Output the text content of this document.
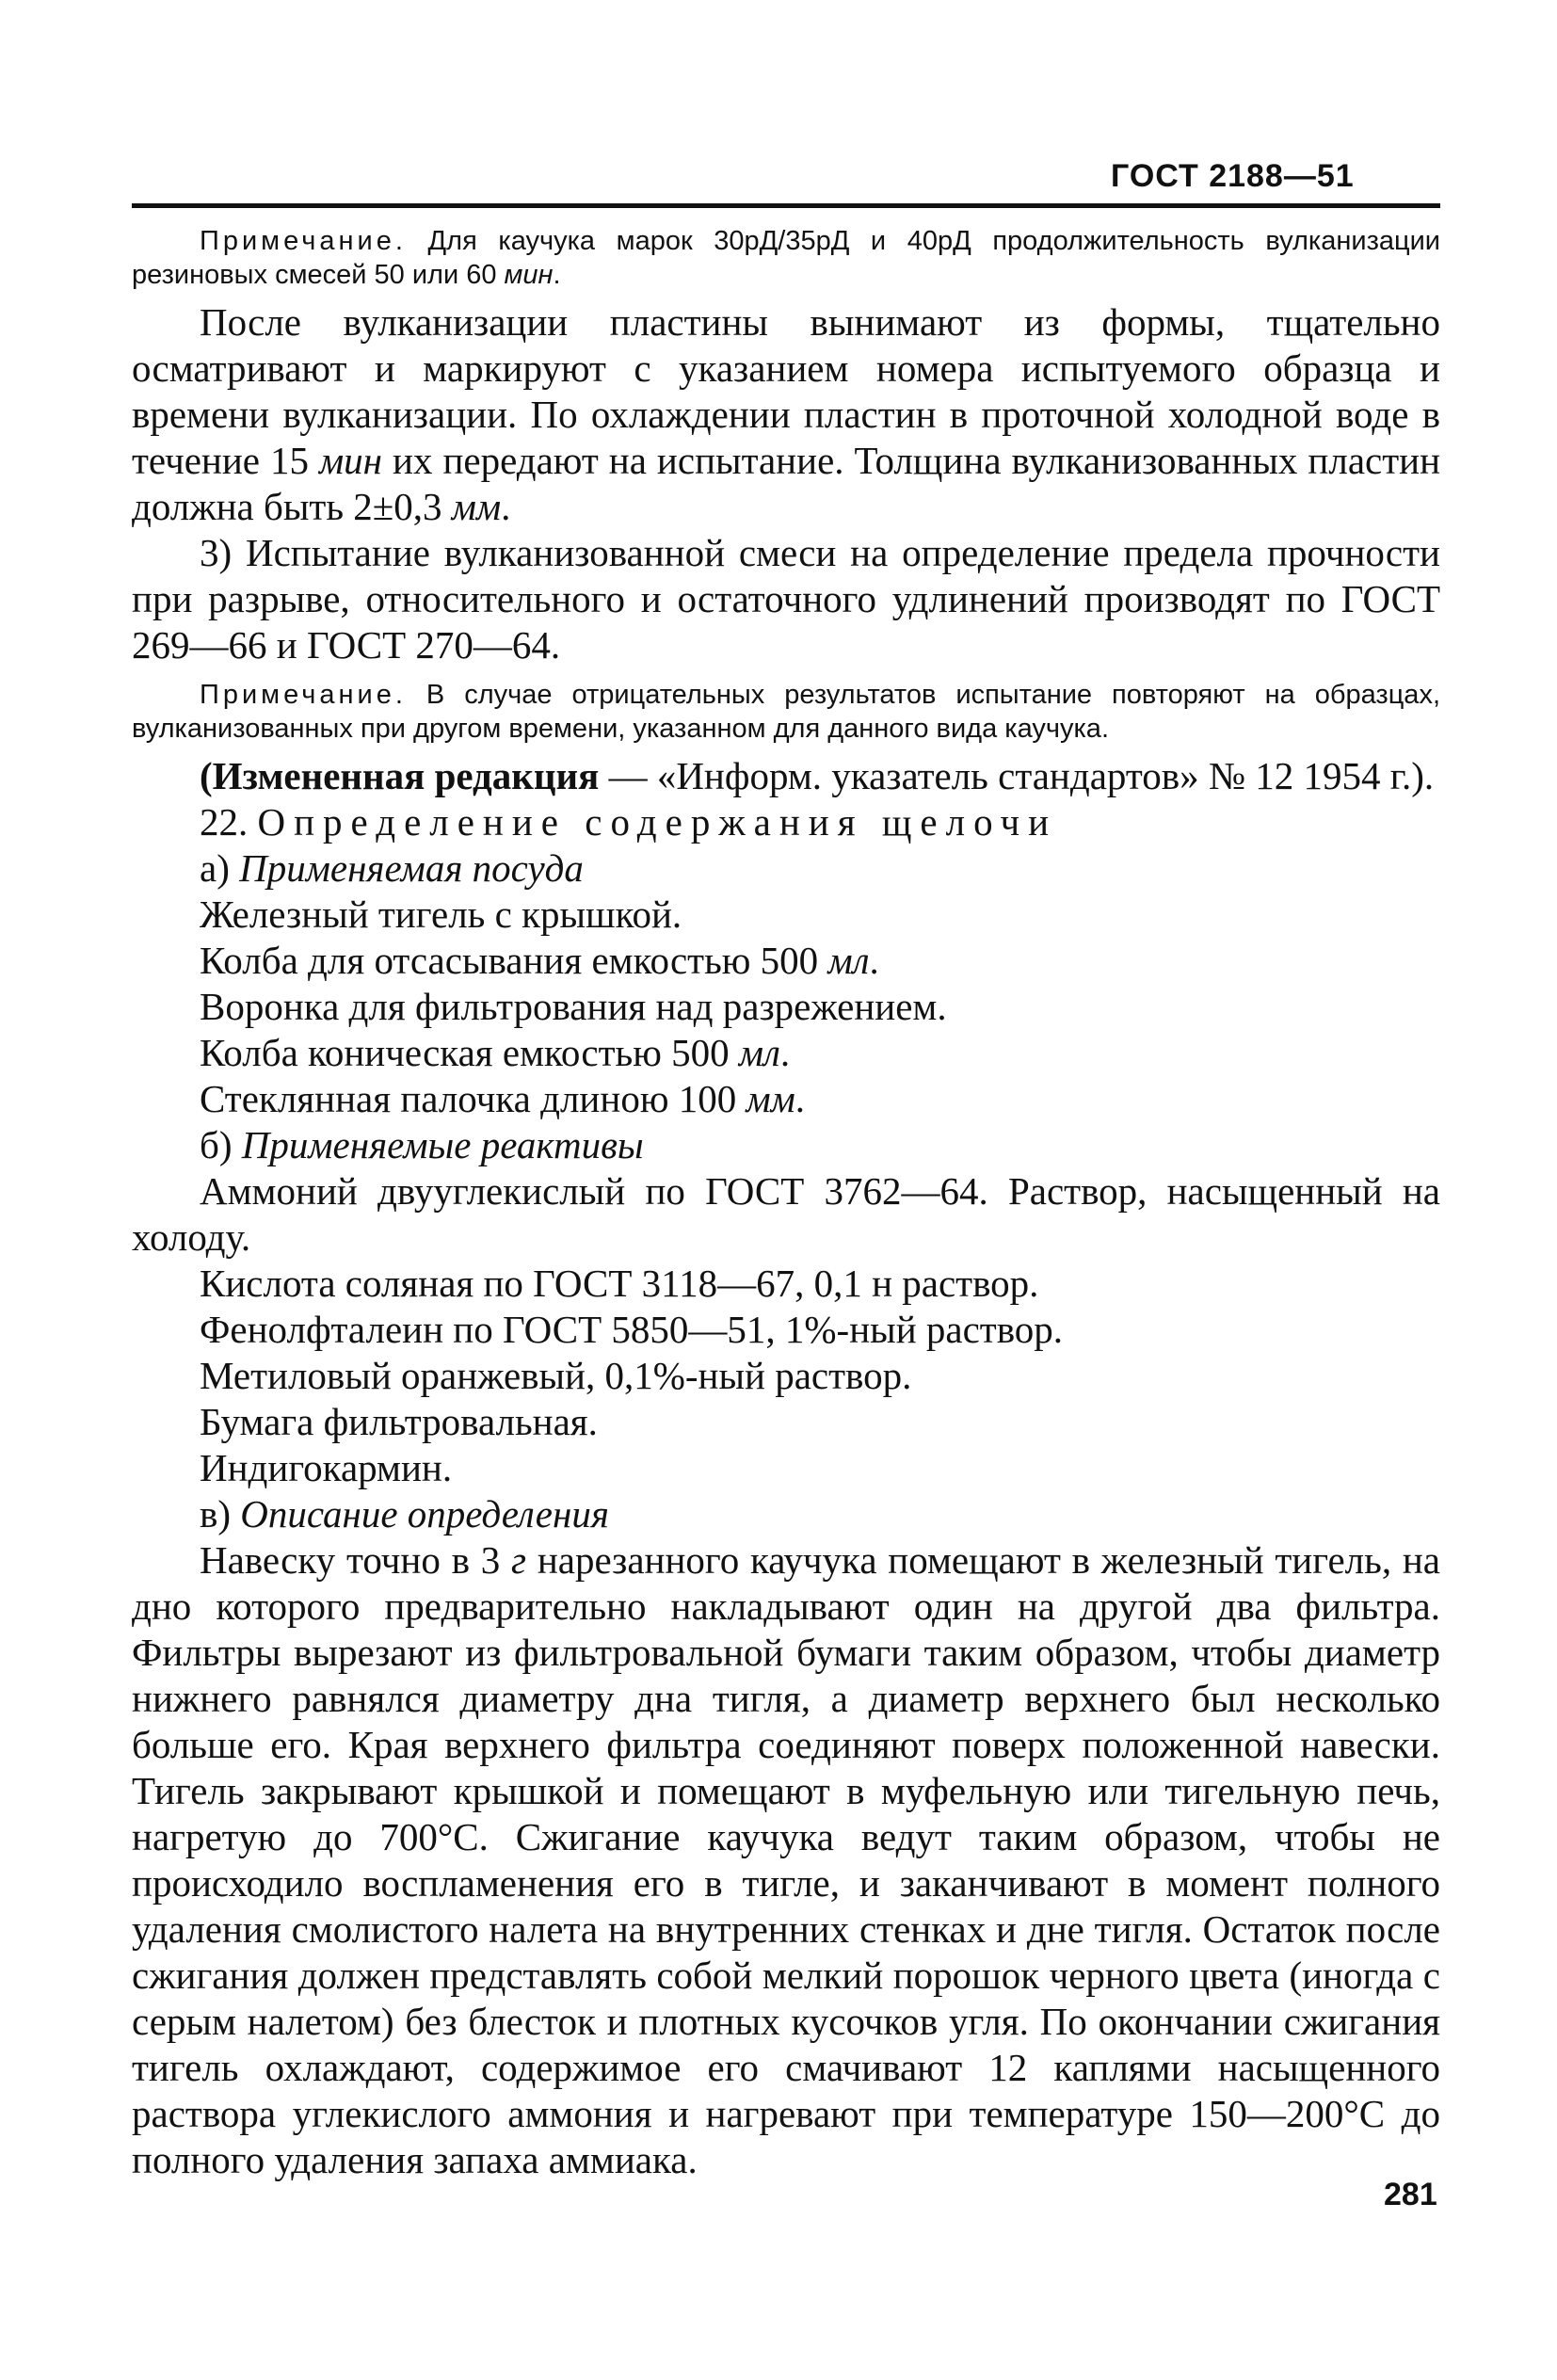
ГОСТ 2188—51

Примечание. Для каучука марок 30рД/35рД и 40рД продолжительность вулканизации резиновых смесей 50 или 60 мин.

После вулканизации пластины вынимают из формы, тщательно осматривают и маркируют с указанием номера испытуемого образца и времени вулканизации. По охлаждении пластин в проточной холодной воде в течение 15 мин их передают на испытание. Толщина вулканизованных пластин должна быть 2±0,3 мм.

3) Испытание вулканизованной смеси на определение предела прочности при разрыве, относительного и остаточного удлинений производят по ГОСТ 269—66 и ГОСТ 270—64.

Примечание. В случае отрицательных результатов испытание повторяют на образцах, вулканизованных при другом времени, указанном для данного вида каучука.

(Измененная редакция — «Информ. указатель стандартов» № 12 1954 г.).

22. Определение содержания щелочи

а) Применяемая посуда

Железный тигель с крышкой.

Колба для отсасывания емкостью 500 мл.

Воронка для фильтрования над разрежением.

Колба коническая емкостью 500 мл.

Стеклянная палочка длиною 100 мм.

б) Применяемые реактивы

Аммоний двууглекислый по ГОСТ 3762—64. Раствор, насыщенный на холоду.

Кислота соляная по ГОСТ 3118—67, 0,1 н раствор.

Фенолфталеин по ГОСТ 5850—51, 1%-ный раствор.

Метиловый оранжевый, 0,1%-ный раствор.

Бумага фильтровальная.

Индигокармин.

в) Описание определения

Навеску точно в 3 г нарезанного каучука помещают в железный тигель, на дно которого предварительно накладывают один на другой два фильтра. Фильтры вырезают из фильтровальной бумаги таким образом, чтобы диаметр нижнего равнялся диаметру дна тигля, а диаметр верхнего был несколько больше его. Края верхнего фильтра соединяют поверх положенной навески. Тигель закрывают крышкой и помещают в муфельную или тигельную печь, нагретую до 700°С. Сжигание каучука ведут таким образом, чтобы не происходило воспламенения его в тигле, и заканчивают в момент полного удаления смолистого налета на внутренних стенках и дне тигля. Остаток после сжигания должен представлять собой мелкий порошок черного цвета (иногда с серым налетом) без блесток и плотных кусочков угля. По окончании сжигания тигель охлаждают, содержимое его смачивают 12 каплями насыщенного раствора углекислого аммония и нагревают при температуре 150—200°С до полного удаления запаха аммиака.

281
